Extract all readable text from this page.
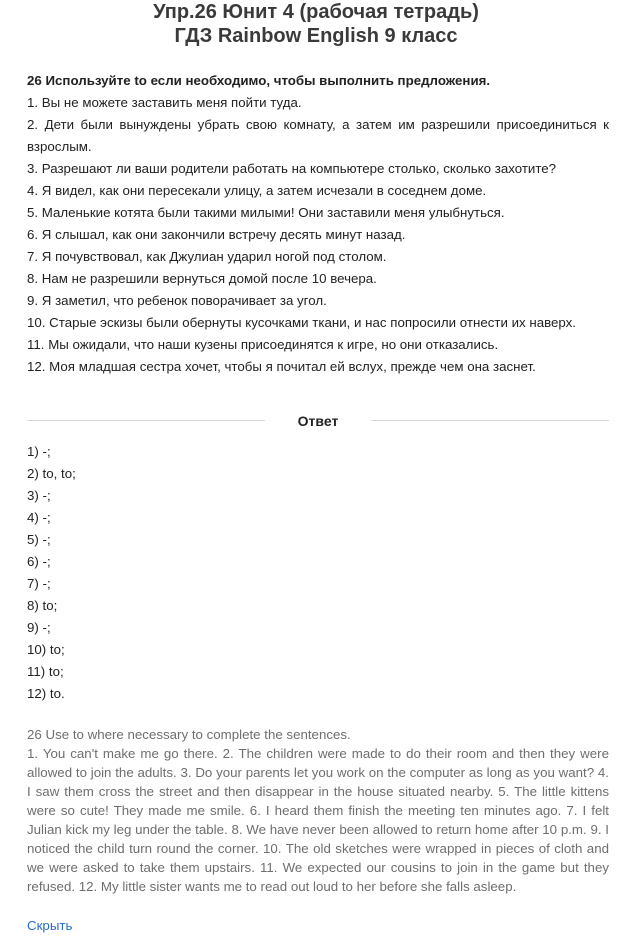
Упр.26 Юнит 4 (рабочая тетрадь)
ГДЗ Rainbow English 9 класс

26 Используйте to если необходимо, чтобы выполнить предложения.

1. Вы не можете заставить меня пойти туда.

2. Дети были вынуждены убрать свою комнату, а затем им разрешили присоединиться к взрослым.

3. Разрешают ли ваши родители работать на компьютере столько, сколько захотите?

4. Я видел, как они пересекали улицу, а затем исчезали в соседнем доме.

5. Маленькие котята были такими милыми! Они заставили меня улыбнуться.

6. Я слышал, как они закончили встречу десять минут назад.

7. Я почувствовал, как Джулиан ударил ногой под столом.

8. Нам не разрешили вернуться домой после 10 вечера.

9. Я заметил, что ребенок поворачивает за угол.

10. Старые эскизы были обернуты кусочками ткани, и нас попросили отнести их наверх.

11. Мы ожидали, что наши кузены присоединятся к игре, но они отказались.

12. Моя младшая сестра хочет, чтобы я почитал ей вслух, прежде чем она заснет.

Ответ
1) -;
2) to, to;
3) -;
4) -;
5) -;
6) -;
7) -;
8) to;
9) -;
10) to;
11) to;
12) to.

26 Use to where necessary to complete the sentences.

1. You can't make me go there. 2. The children were made to do their room and then they were allowed to join the adults. 3. Do your parents let you work on the computer as long as you want? 4. I saw them cross the street and then disappear in the house situated nearby. 5. The little kittens were so cute! They made me smile. 6. I heard them finish the meeting ten minutes ago. 7. I felt Julian kick my leg under the table. 8. We have never been allowed to return home after 10 p.m. 9. I noticed the child turn round the corner. 10. The old sketches were wrapped in pieces of cloth and we were asked to take them upstairs. 11. We expected our cousins to join in the game but they refused. 12. My little sister wants me to read out loud to her before she falls asleep.

Скрыть
